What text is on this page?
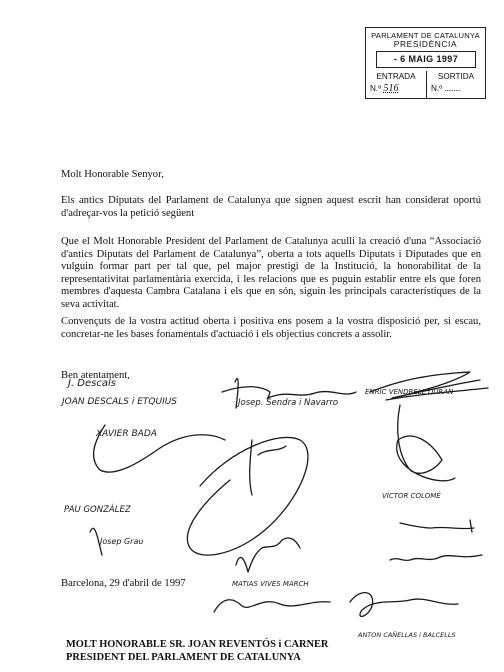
PARLAMENT DE CATALUNYA
PRESIDÈNCIA
- 6 MAIG 1997
ENTRADA	SORTIDA
N.º 516	N.º .........
Molt Honorable Senyor,
Els antics Diputats del Parlament de Catalunya que signen aquest escrit han considerat oportú d'adreçar-vos la petició següent
Que el Molt Honorable President del Parlament de Catalunya aculli la creació d'una “Associació d'antics Diputats del Parlament de Catalunya”, oberta a tots aquells Diputats i Diputades que en vulguin formar part per tal que, pel major prestigi de la Institució, la honorabilitat de la representativitat parlamentària exercida, i les relacions que es puguin establir entre els que foren membres d'aquesta Cambra Catalana i els que en són, siguin les principals característiques de la seva activitat.
Convençuts de la vostra actitud oberta i positiva ens posem a la vostra disposició per, si escau, concretar-ne les bases fonamentals d'actuació i els objectius concrets a assolir.
Ben atentament,
J. Descals
JOAN DESCALS i ETQUIUS	Josep. Sendra i Navarro
ENRIC VENDRELL DURAN
XAVIER BADA
PAU GONZÀLEZ
Josep Grau
VÍCTOR COLOMÉ
MATIAS VIVES MARCH
ANTON CAÑELLAS i BALCELLS
Barcelona, 29 d'abril de 1997
MOLT HONORABLE SR. JOAN REVENTÓS i CARNER
PRESIDENT DEL PARLAMENT DE CATALUNYA
